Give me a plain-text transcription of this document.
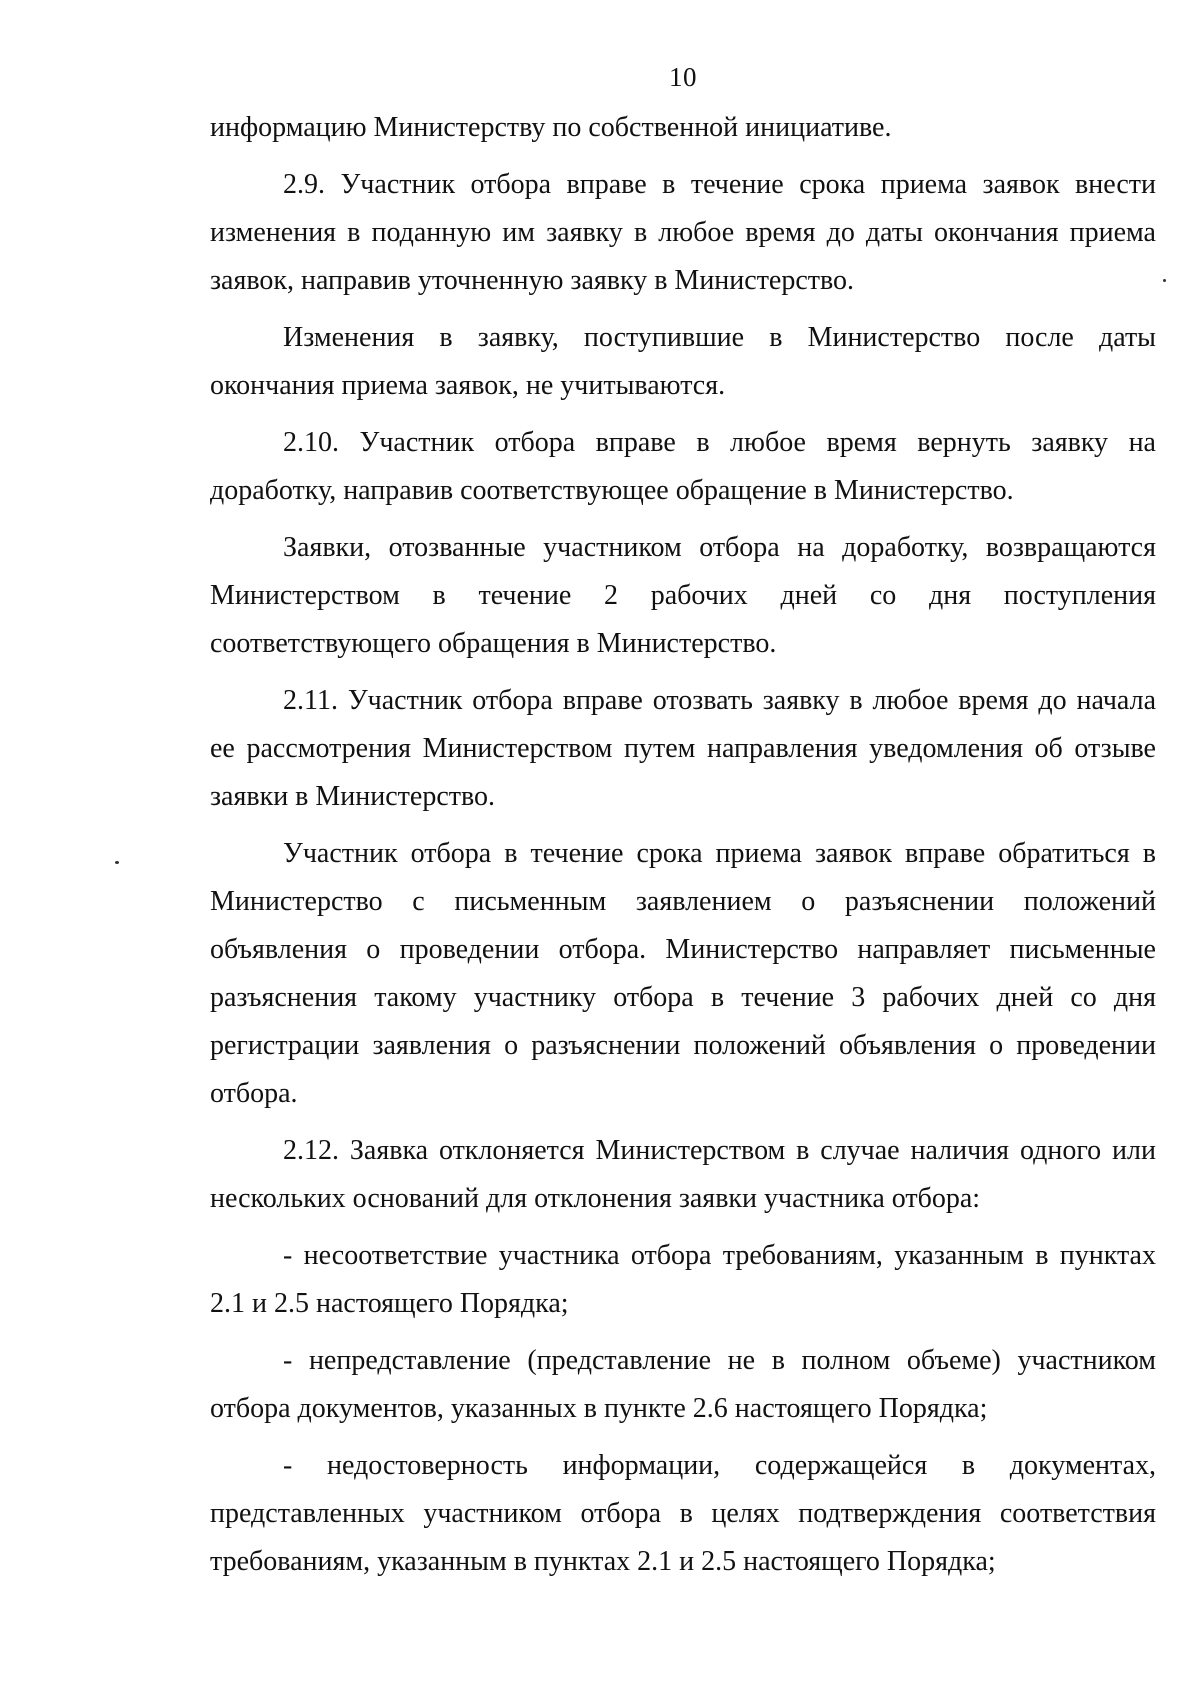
10

информацию Министерству по собственной инициативе.

2.9. Участник отбора вправе в течение срока приема заявок внести изменения в поданную им заявку в любое время до даты окончания приема заявок, направив уточненную заявку в Министерство.

Изменения в заявку, поступившие в Министерство после даты окончания приема заявок, не учитываются.

2.10. Участник отбора вправе в любое время вернуть заявку на доработку, направив соответствующее обращение в Министерство.

Заявки, отозванные участником отбора на доработку, возвращаются Министерством в течение 2 рабочих дней со дня поступления соответствующего обращения в Министерство.

2.11. Участник отбора вправе отозвать заявку в любое время до начала ее рассмотрения Министерством путем направления уведомления об отзыве заявки в Министерство.

Участник отбора в течение срока приема заявок вправе обратиться в Министерство с письменным заявлением о разъяснении положений объявления о проведении отбора. Министерство направляет письменные разъяснения такому участнику отбора в течение 3 рабочих дней со дня регистрации заявления о разъяснении положений объявления о проведении отбора.

2.12. Заявка отклоняется Министерством в случае наличия одного или нескольких оснований для отклонения заявки участника отбора:

- несоответствие участника отбора требованиям, указанным в пунктах 2.1 и 2.5 настоящего Порядка;

- непредставление (представление не в полном объеме) участником отбора документов, указанных в пункте 2.6 настоящего Порядка;

- недостоверность информации, содержащейся в документах, представленных участником отбора в целях подтверждения соответствия требованиям, указанным в пунктах 2.1 и 2.5 настоящего Порядка;
